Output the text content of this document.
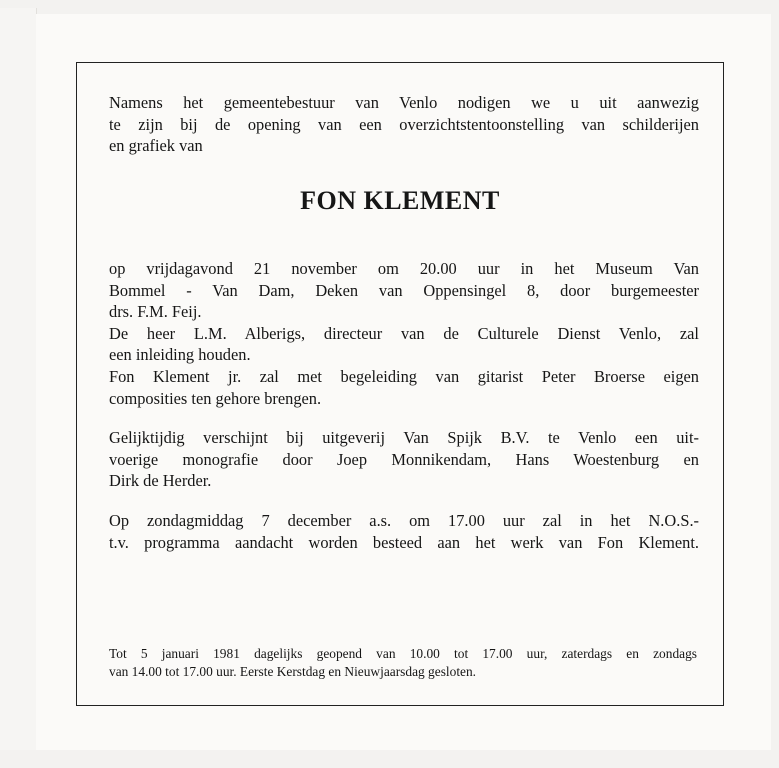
Namens het gemeentebestuur van Venlo nodigen we u uit aanwezig
te zijn bij de opening van een overzichtstentoonstelling van schilderijen
en grafiek van
FON KLEMENT
op vrijdagavond 21 november om 20.00 uur in het Museum Van
Bommel - Van Dam, Deken van Oppensingel 8, door burgemeester
drs. F.M. Feij.
De heer L.M. Alberigs, directeur van de Culturele Dienst Venlo, zal
een inleiding houden.
Fon Klement jr. zal met begeleiding van gitarist Peter Broerse eigen
composities ten gehore brengen.
Gelijktijdig verschijnt bij uitgeverij Van Spijk B.V. te Venlo een uit-
voerige monografie door Joep Monnikendam, Hans Woestenburg en
Dirk de Herder.
Op zondagmiddag 7 december a.s. om 17.00 uur zal in het N.O.S.-
t.v. programma aandacht worden besteed aan het werk van Fon Klement.
Tot 5 januari 1981 dagelijks geopend van 10.00 tot 17.00 uur, zaterdags en zondags
van 14.00 tot 17.00 uur. Eerste Kerstdag en Nieuwjaarsdag gesloten.
